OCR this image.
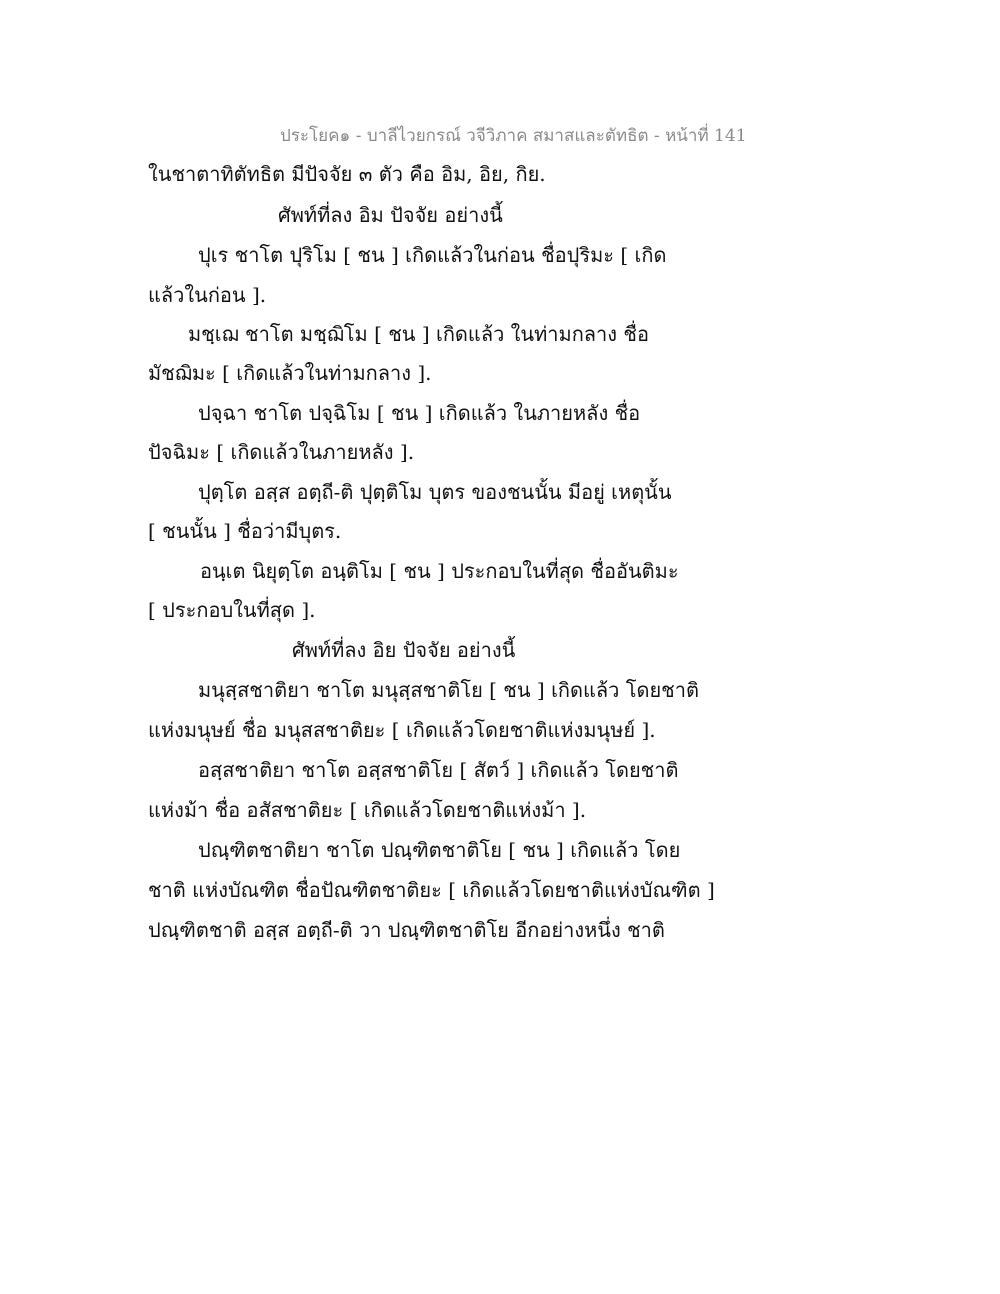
ประโยค๑ - บาลีไวยกรณ์ วจีวิภาค สมาสและตัทธิต - หน้าที่ 141
ในชาตาทิตัทธิต มีปัจจัย ๓ ตัว คือ อิม, อิย, กิย.
ศัพท์ที่ลง อิม ปัจจัย อย่างนี้
ปุเร ชาโต ปุริโม [ ชน ] เกิดแล้วในก่อน ชื่อปุริมะ [ เกิด
แล้วในก่อน ].
มชฺเฌ ชาโต มชฺฌิโม [ ชน ] เกิดแล้ว ในท่ามกลาง ชื่อ
มัชฌิมะ [ เกิดแล้วในท่ามกลาง ].
ปจฺฉา ชาโต ปจฺฉิโม [ ชน ] เกิดแล้ว ในภายหลัง ชื่อ
ปัจฉิมะ [ เกิดแล้วในภายหลัง ].
ปุตฺโต อสฺส อตฺถี-ติ ปุตฺติโม บุตร ของชนนั้น มีอยู่ เหตุนั้น
[ ชนนั้น ] ชื่อว่ามีบุตร.
อนฺเต นิยุตฺโต อนฺติโม [ ชน ] ประกอบในที่สุด ชื่ออันติมะ
[ ประกอบในที่สุด ].
ศัพท์ที่ลง อิย ปัจจัย อย่างนี้
มนุสฺสชาติยา ชาโต มนุสฺสชาติโย [ ชน ] เกิดแล้ว โดยชาติ
แห่งมนุษย์ ชื่อ มนุสสชาติยะ [ เกิดแล้วโดยชาติแห่งมนุษย์ ].
อสฺสชาติยา ชาโต อสฺสชาติโย [ สัตว์ ] เกิดแล้ว โดยชาติ
แห่งม้า ชื่อ อสัสชาติยะ [ เกิดแล้วโดยชาติแห่งม้า ].
ปณฺฑิตชาติยา ชาโต ปณฺฑิตชาติโย [ ชน ] เกิดแล้ว โดย
ชาติ แห่งบัณฑิต ชื่อปัณฑิตชาติยะ [ เกิดแล้วโดยชาติแห่งบัณฑิต ]
ปณฺฑิตชาติ อสฺส อตฺถี-ติ วา ปณฺฑิตชาติโย อีกอย่างหนึ่ง ชาติ
